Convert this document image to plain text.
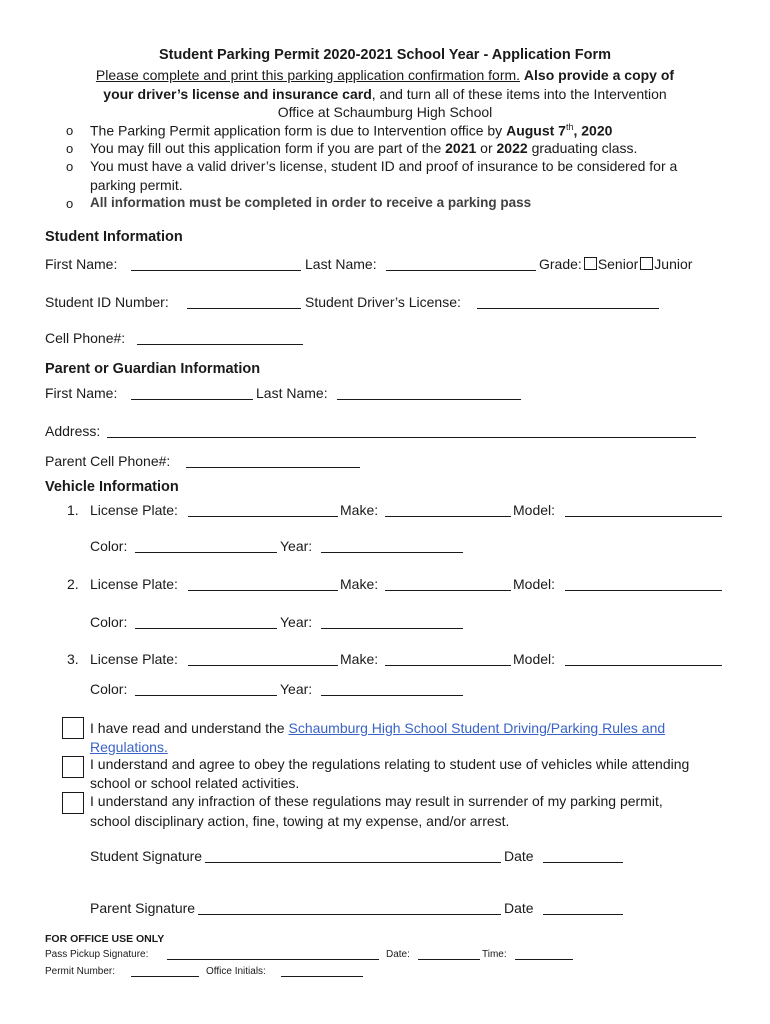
Student Parking Permit 2020-2021 School Year - Application Form
Please complete and print this parking application confirmation form. Also provide a copy of
your driver’s license and insurance card, and turn all of these items into the Intervention
Office at Schaumburg High School
o The Parking Permit application form is due to Intervention office by August 7th, 2020
o You may fill out this application form if you are part of the 2021 or 2022 graduating class.
o You must have a valid driver’s license, student ID and proof of insurance to be considered for a
parking permit.
o All information must be completed in order to receive a parking pass
Student Information
First Name:	Last Name:	Grade: Senior Junior
Student ID Number:	Student Driver’s License:
Cell Phone#:
Parent or Guardian Information
First Name:	Last Name:
Address:
Parent Cell Phone#:
Vehicle Information
1. License Plate:	Make:	Model:
Color:	Year:
2. License Plate:	Make:	Model:
Color:	Year:
3. License Plate:	Make:	Model:
Color:	Year:
I have read and understand the Schaumburg High School Student Driving/Parking Rules and
Regulations.
I understand and agree to obey the regulations relating to student use of vehicles while attending
school or school related activities.
I understand any infraction of these regulations may result in surrender of my parking permit,
school disciplinary action, fine, towing at my expense, and/or arrest.
Student Signature	Date
Parent Signature	Date
FOR OFFICE USE ONLY
Pass Pickup Signature:	Date:	Time:
Permit Number:	Office Initials:
